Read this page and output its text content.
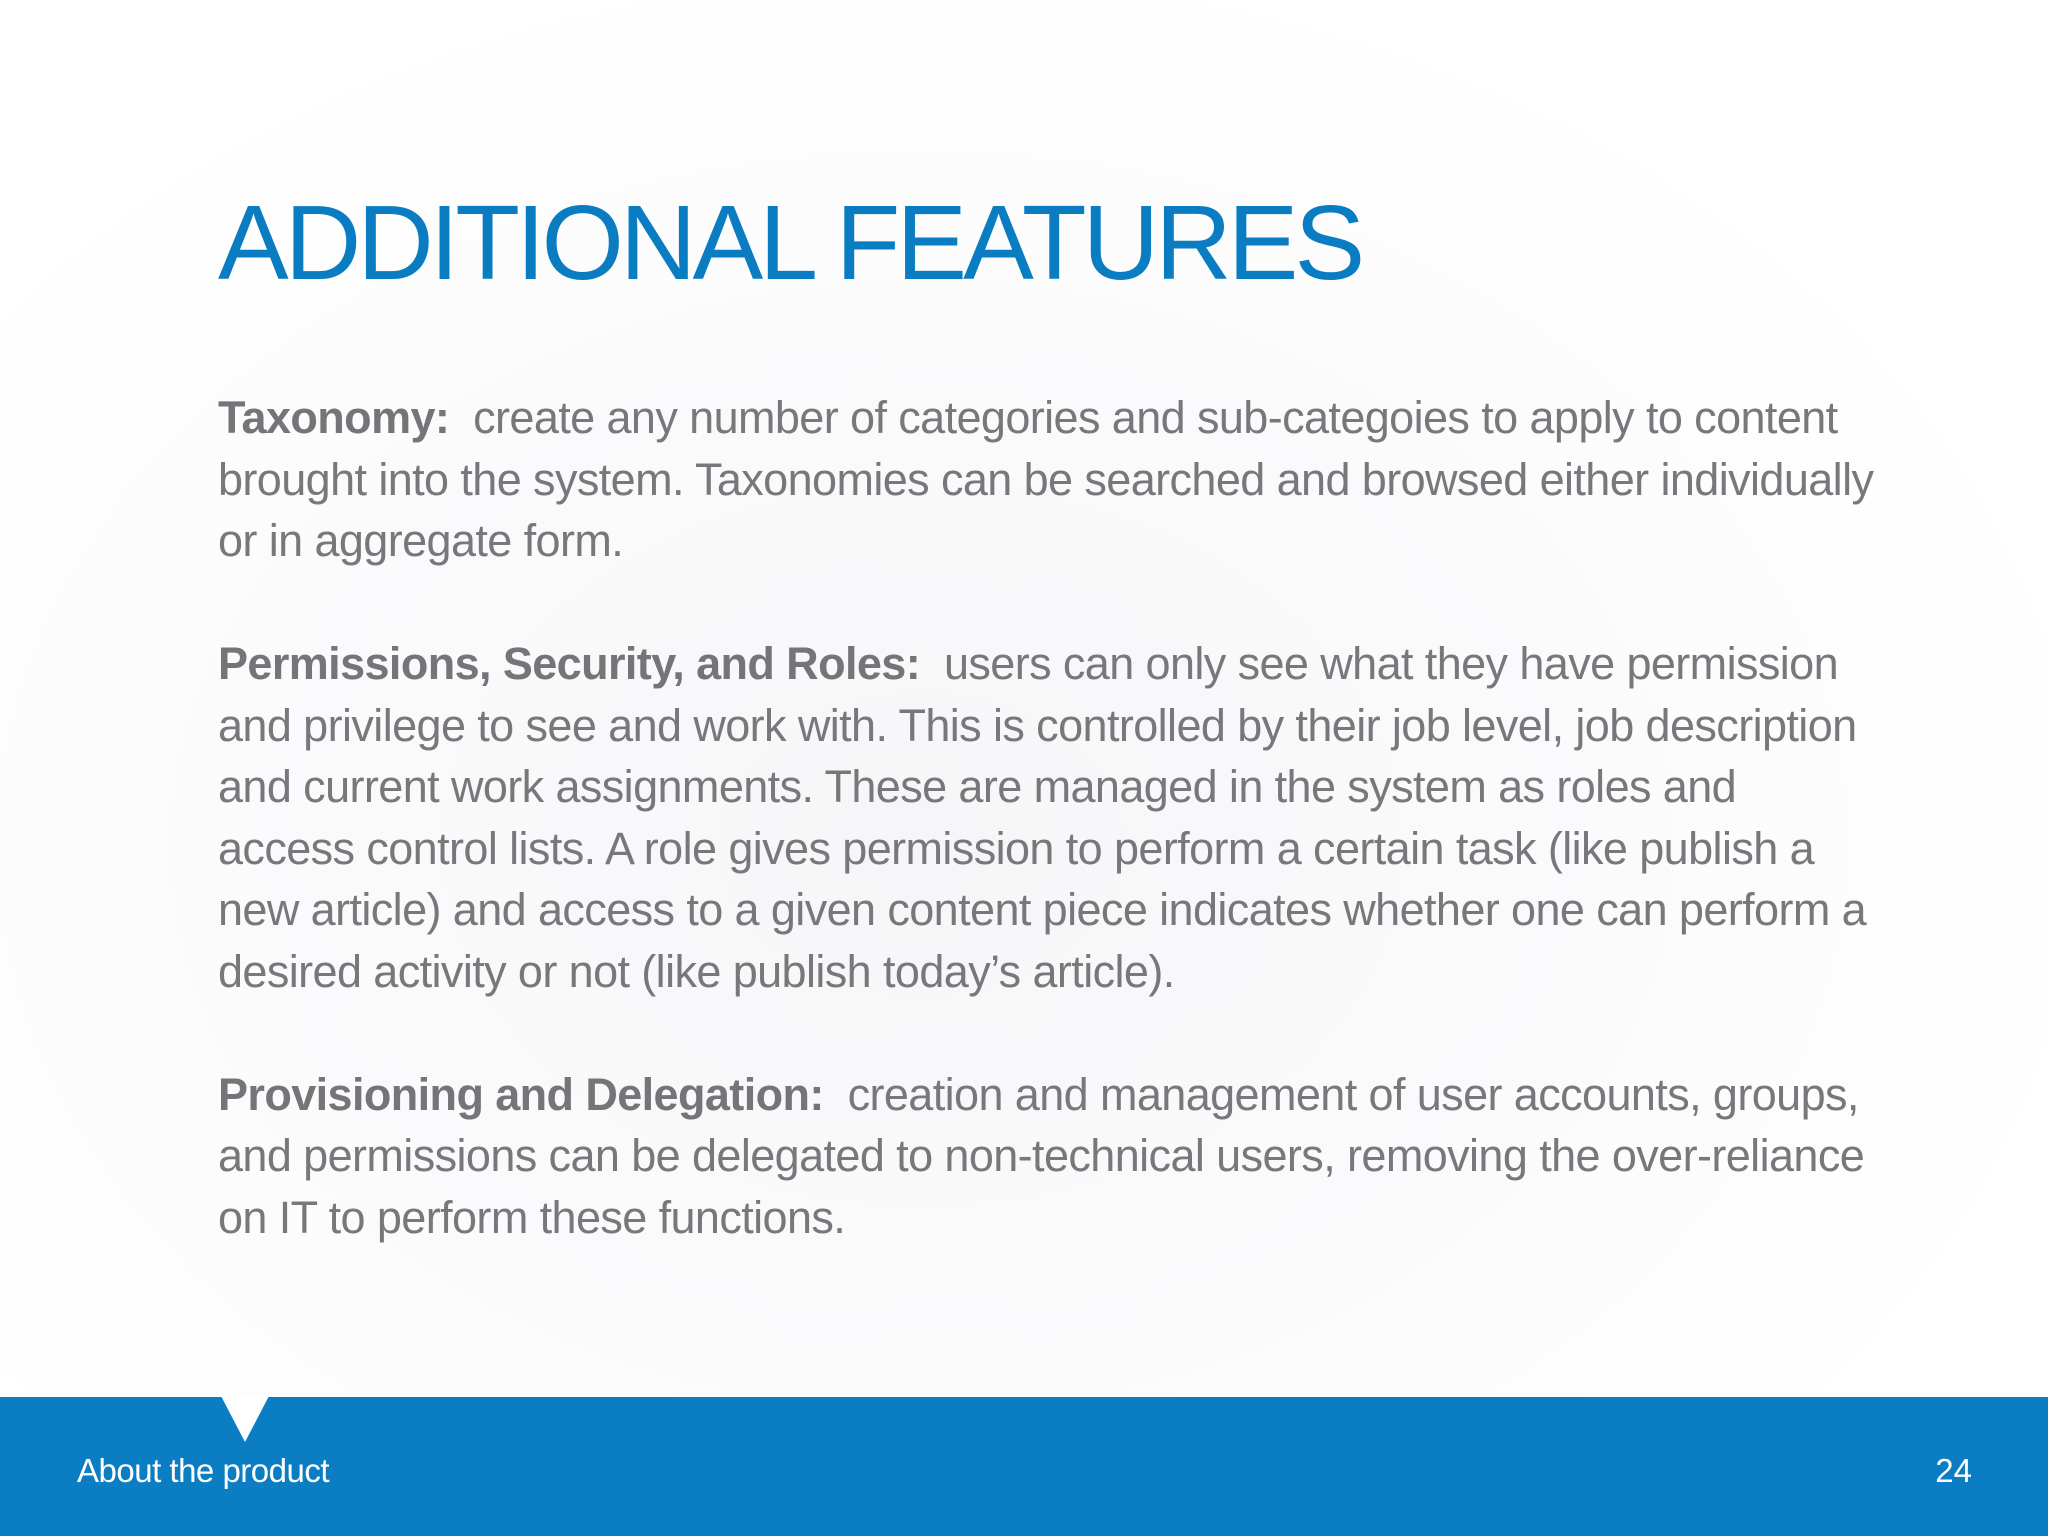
ADDITIONAL FEATURES

Taxonomy: create any number of categories and sub-categoies to apply to content brought into the system. Taxonomies can be searched and browsed either individually or in aggregate form.

Permissions, Security, and Roles: users can only see what they have permission and privilege to see and work with. This is controlled by their job level, job description and current work assignments. These are managed in the system as roles and access control lists. A role gives permission to perform a certain task (like publish a new article) and access to a given content piece indicates whether one can perform a desired activity or not (like publish today’s article).

Provisioning and Delegation: creation and management of user accounts, groups, and permissions can be delegated to non-technical users, removing the over-reliance on IT to perform these functions.

About the product	24
